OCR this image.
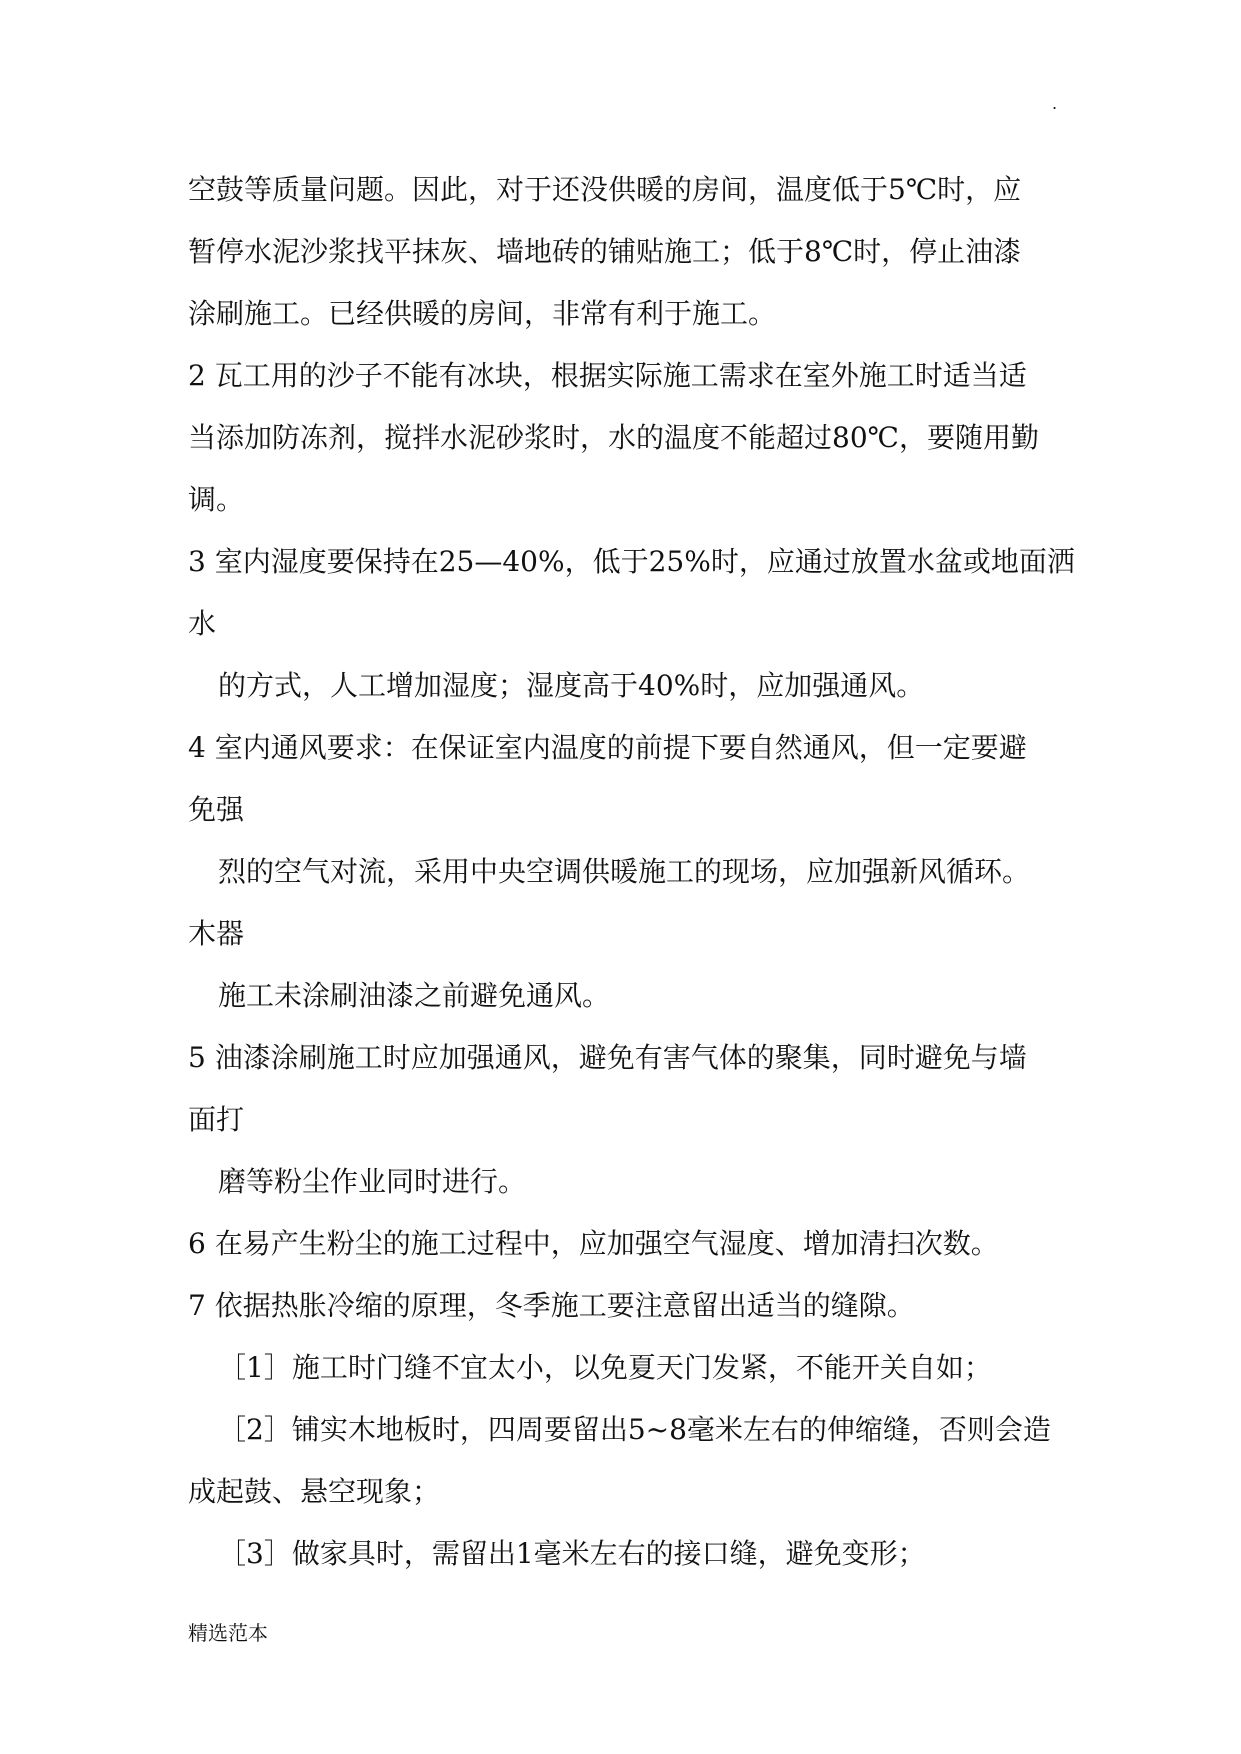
.
空鼓等质量问题。因此，对于还没供暖的房间，温度低于5℃时，应
暂停水泥沙浆找平抹灰、墙地砖的铺贴施工；低于8℃时，停止油漆
涂刷施工。已经供暖的房间，非常有利于施工。
2 瓦工用的沙子不能有冰块，根据实际施工需求在室外施工时适当适
当添加防冻剂，搅拌水泥砂浆时，水的温度不能超过80℃，要随用勤
调。
3 室内湿度要保持在25—40%，低于25%时，应通过放置水盆或地面洒
水
的方式，人工增加湿度；湿度高于40%时，应加强通风。
4 室内通风要求：在保证室内温度的前提下要自然通风，但一定要避
免强
烈的空气对流，采用中央空调供暖施工的现场，应加强新风循环。
木器
施工未涂刷油漆之前避免通风。
5 油漆涂刷施工时应加强通风，避免有害气体的聚集，同时避免与墙
面打
磨等粉尘作业同时进行。
6 在易产生粉尘的施工过程中，应加强空气湿度、增加清扫次数。
7 依据热胀冷缩的原理，冬季施工要注意留出适当的缝隙。
［1］施工时门缝不宜太小，以免夏天门发紧，不能开关自如；
［2］铺实木地板时，四周要留出5~8毫米左右的伸缩缝，否则会造
成起鼓、悬空现象；
［3］做家具时，需留出1毫米左右的接口缝，避免变形；
精选范本
